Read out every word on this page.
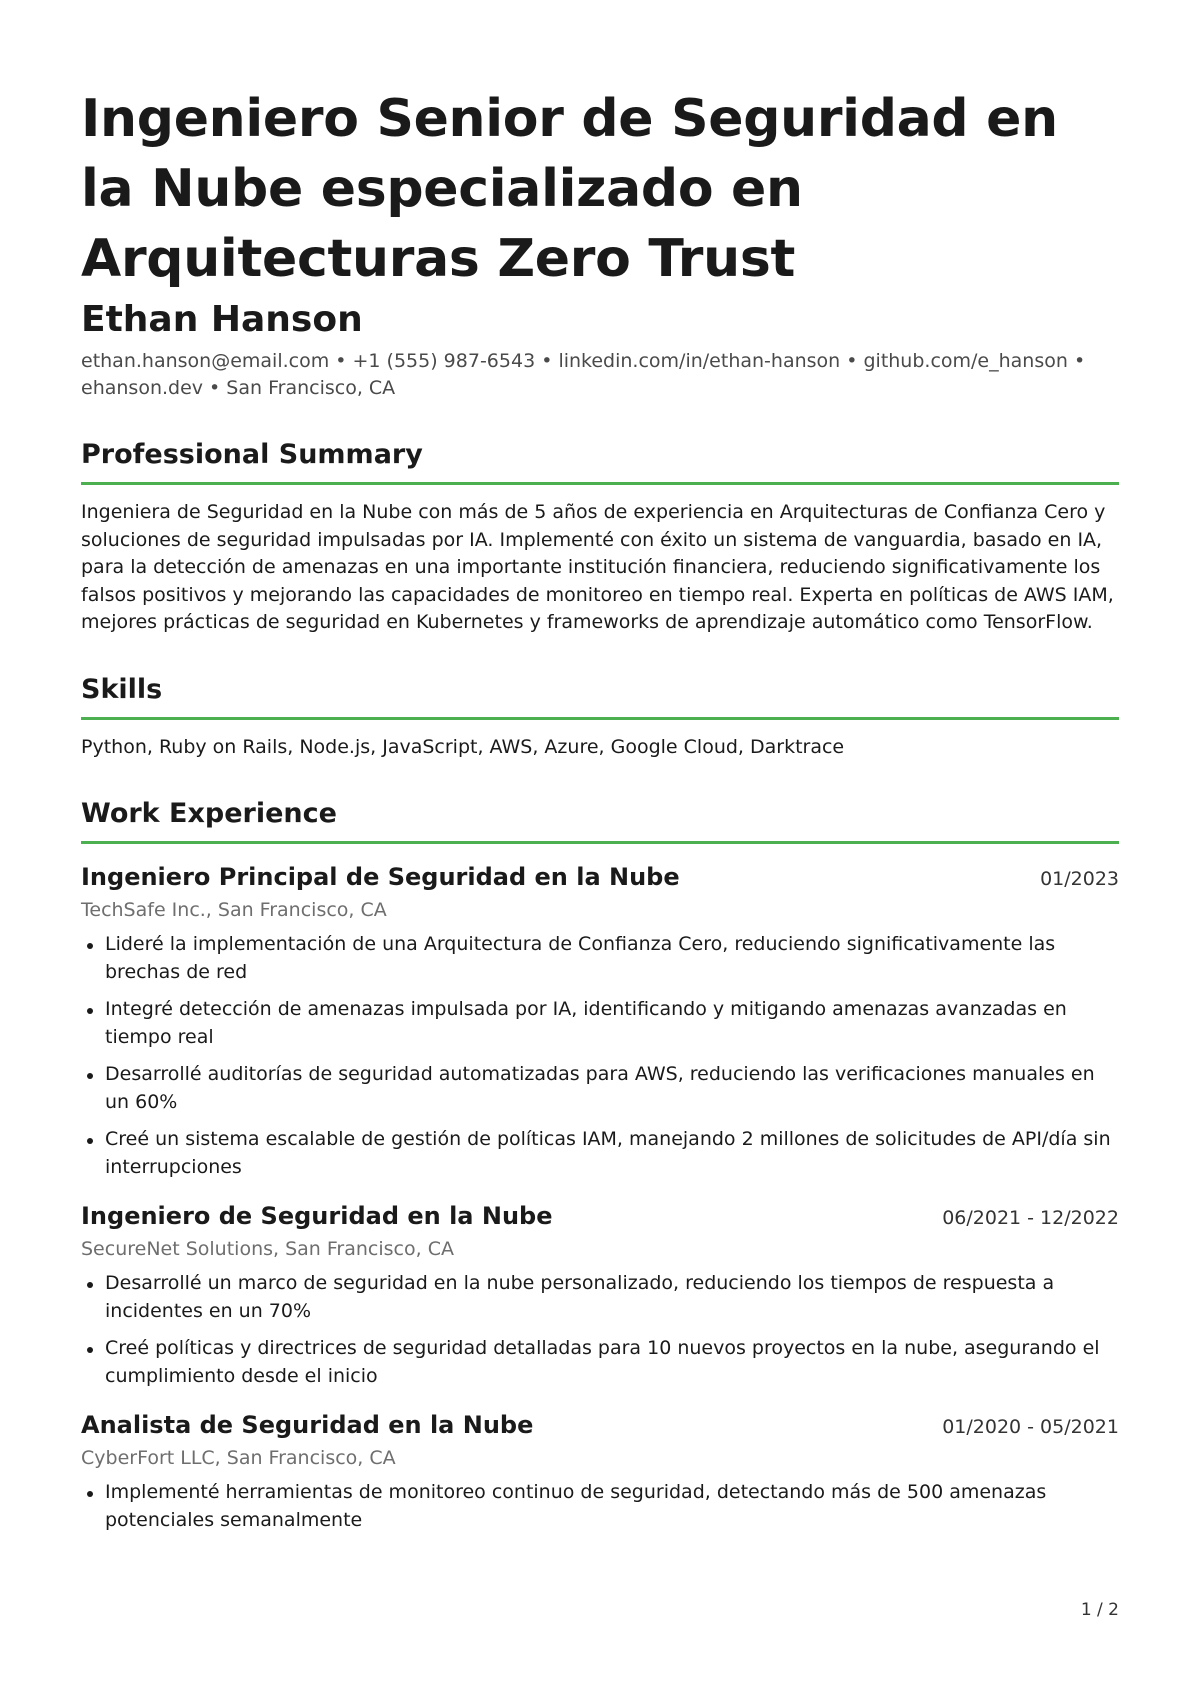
Ingeniero Senior de Seguridad en la Nube especializado en Arquitecturas Zero Trust
Ethan Hanson

ethan.hanson@email.com • +1 (555) 987-6543 • linkedin.com/in/ethan-hanson • github.com/e_hanson •

ehanson.dev • San Francisco, CA

Professional Summary
Ingeniera de Seguridad en la Nube con más de 5 años de experiencia en Arquitecturas de Confianza Cero y soluciones de seguridad impulsadas por IA. Implementé con éxito un sistema de vanguardia, basado en IA, para la detección de amenazas en una importante institución financiera, reduciendo significativamente los falsos positivos y mejorando las capacidades de monitoreo en tiempo real. Experta en políticas de AWS IAM, mejores prácticas de seguridad en Kubernetes y frameworks de aprendizaje automático como TensorFlow.
Skills
Python, Ruby on Rails, Node.js, JavaScript, AWS, Azure, Google Cloud, Darktrace
Work Experience
Ingeniero Principal de Seguridad en la Nube	01/2023
TechSafe Inc., San Francisco, CA
Lideré la implementación de una Arquitectura de Confianza Cero, reduciendo significativamente las brechas de red
Integré detección de amenazas impulsada por IA, identificando y mitigando amenazas avanzadas en tiempo real
Desarrollé auditorías de seguridad automatizadas para AWS, reduciendo las verificaciones manuales en un 60%
Creé un sistema escalable de gestión de políticas IAM, manejando 2 millones de solicitudes de API/día sin interrupciones
Ingeniero de Seguridad en la Nube	06/2021 - 12/2022
SecureNet Solutions, San Francisco, CA
Desarrollé un marco de seguridad en la nube personalizado, reduciendo los tiempos de respuesta a incidentes en un 70%
Creé políticas y directrices de seguridad detalladas para 10 nuevos proyectos en la nube, asegurando el cumplimiento desde el inicio
Analista de Seguridad en la Nube	01/2020 - 05/2021
CyberFort LLC, San Francisco, CA
Implementé herramientas de monitoreo continuo de seguridad, detectando más de 500 amenazas potenciales semanalmente
1 / 2
